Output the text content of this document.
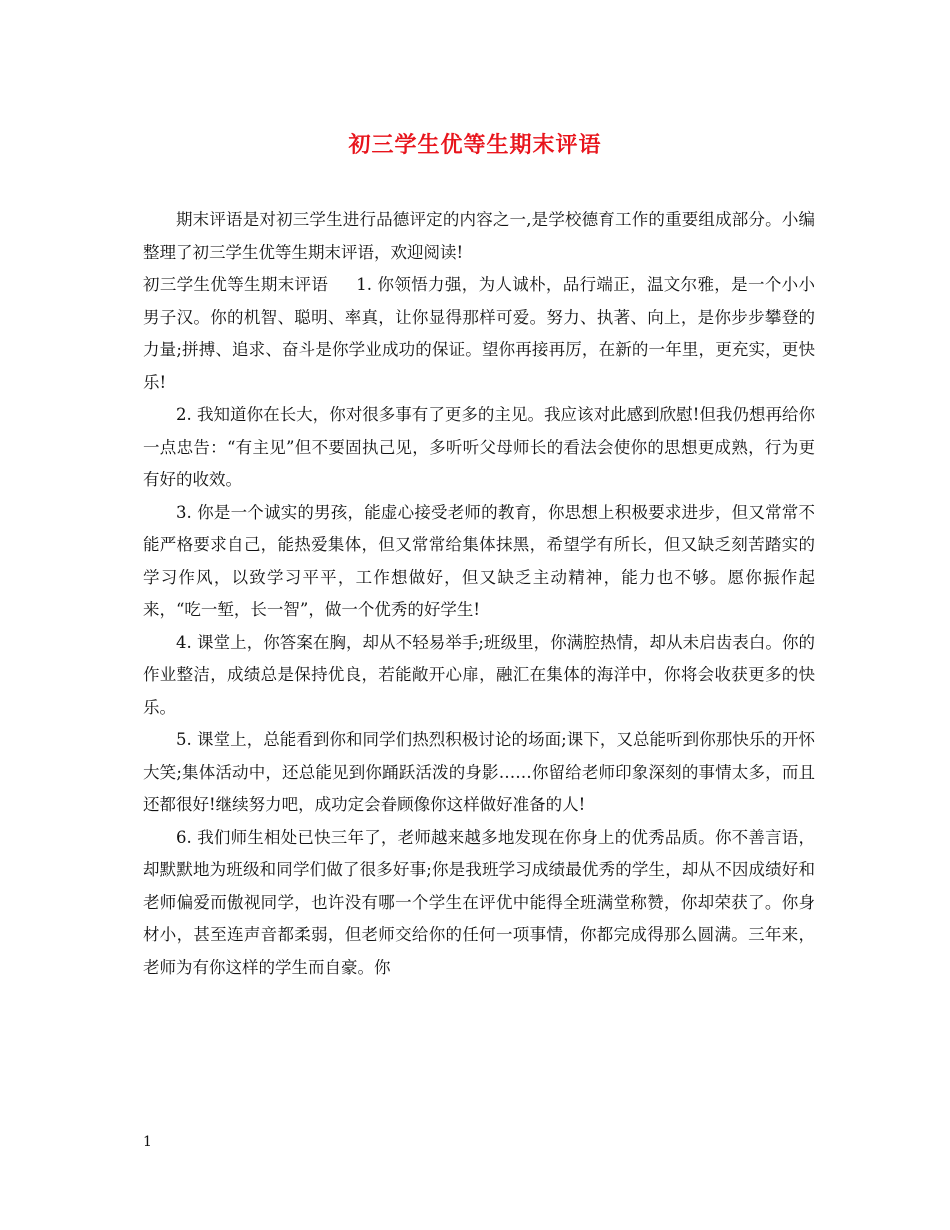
初三学生优等生期末评语

期末评语是对初三学生进行品德评定的内容之一,是学校德育工作的重要组成部分。小编整理了初三学生优等生期末评语，欢迎阅读!

初三学生优等生期末评语 1. 你领悟力强，为人诚朴，品行端正，温文尔雅，是一个小小男子汉。你的机智、聪明、率真，让你显得那样可爱。努力、执著、向上，是你步步攀登的力量;拼搏、追求、奋斗是你学业成功的保证。望你再接再厉，在新的一年里，更充实，更快乐!

2. 我知道你在长大，你对很多事有了更多的主见。我应该对此感到欣慰!但我仍想再给你一点忠告：“有主见”但不要固执己见，多听听父母师长的看法会使你的思想更成熟，行为更有好的收效。

3. 你是一个诚实的男孩，能虚心接受老师的教育，你思想上积极要求进步，但又常常不能严格要求自己，能热爱集体，但又常常给集体抹黑，希望学有所长，但又缺乏刻苦踏实的学习作风，以致学习平平，工作想做好，但又缺乏主动精神，能力也不够。愿你振作起来，“吃一堑，长一智”，做一个优秀的好学生!

4. 课堂上，你答案在胸，却从不轻易举手;班级里，你满腔热情，却从未启齿表白。你的作业整洁，成绩总是保持优良，若能敞开心扉，融汇在集体的海洋中，你将会收获更多的快乐。

5. 课堂上，总能看到你和同学们热烈积极讨论的场面;课下，又总能听到你那快乐的开怀大笑;集体活动中，还总能见到你踊跃活泼的身影……你留给老师印象深刻的事情太多，而且还都很好!继续努力吧，成功定会眷顾像你这样做好准备的人!

6. 我们师生相处已快三年了，老师越来越多地发现在你身上的优秀品质。你不善言语，却默默地为班级和同学们做了很多好事;你是我班学习成绩最优秀的学生，却从不因成绩好和老师偏爱而傲视同学，也许没有哪一个学生在评优中能得全班满堂称赞，你却荣获了。你身材小，甚至连声音都柔弱，但老师交给你的任何一项事情，你都完成得那么圆满。三年来，老师为有你这样的学生而自豪。你

1
